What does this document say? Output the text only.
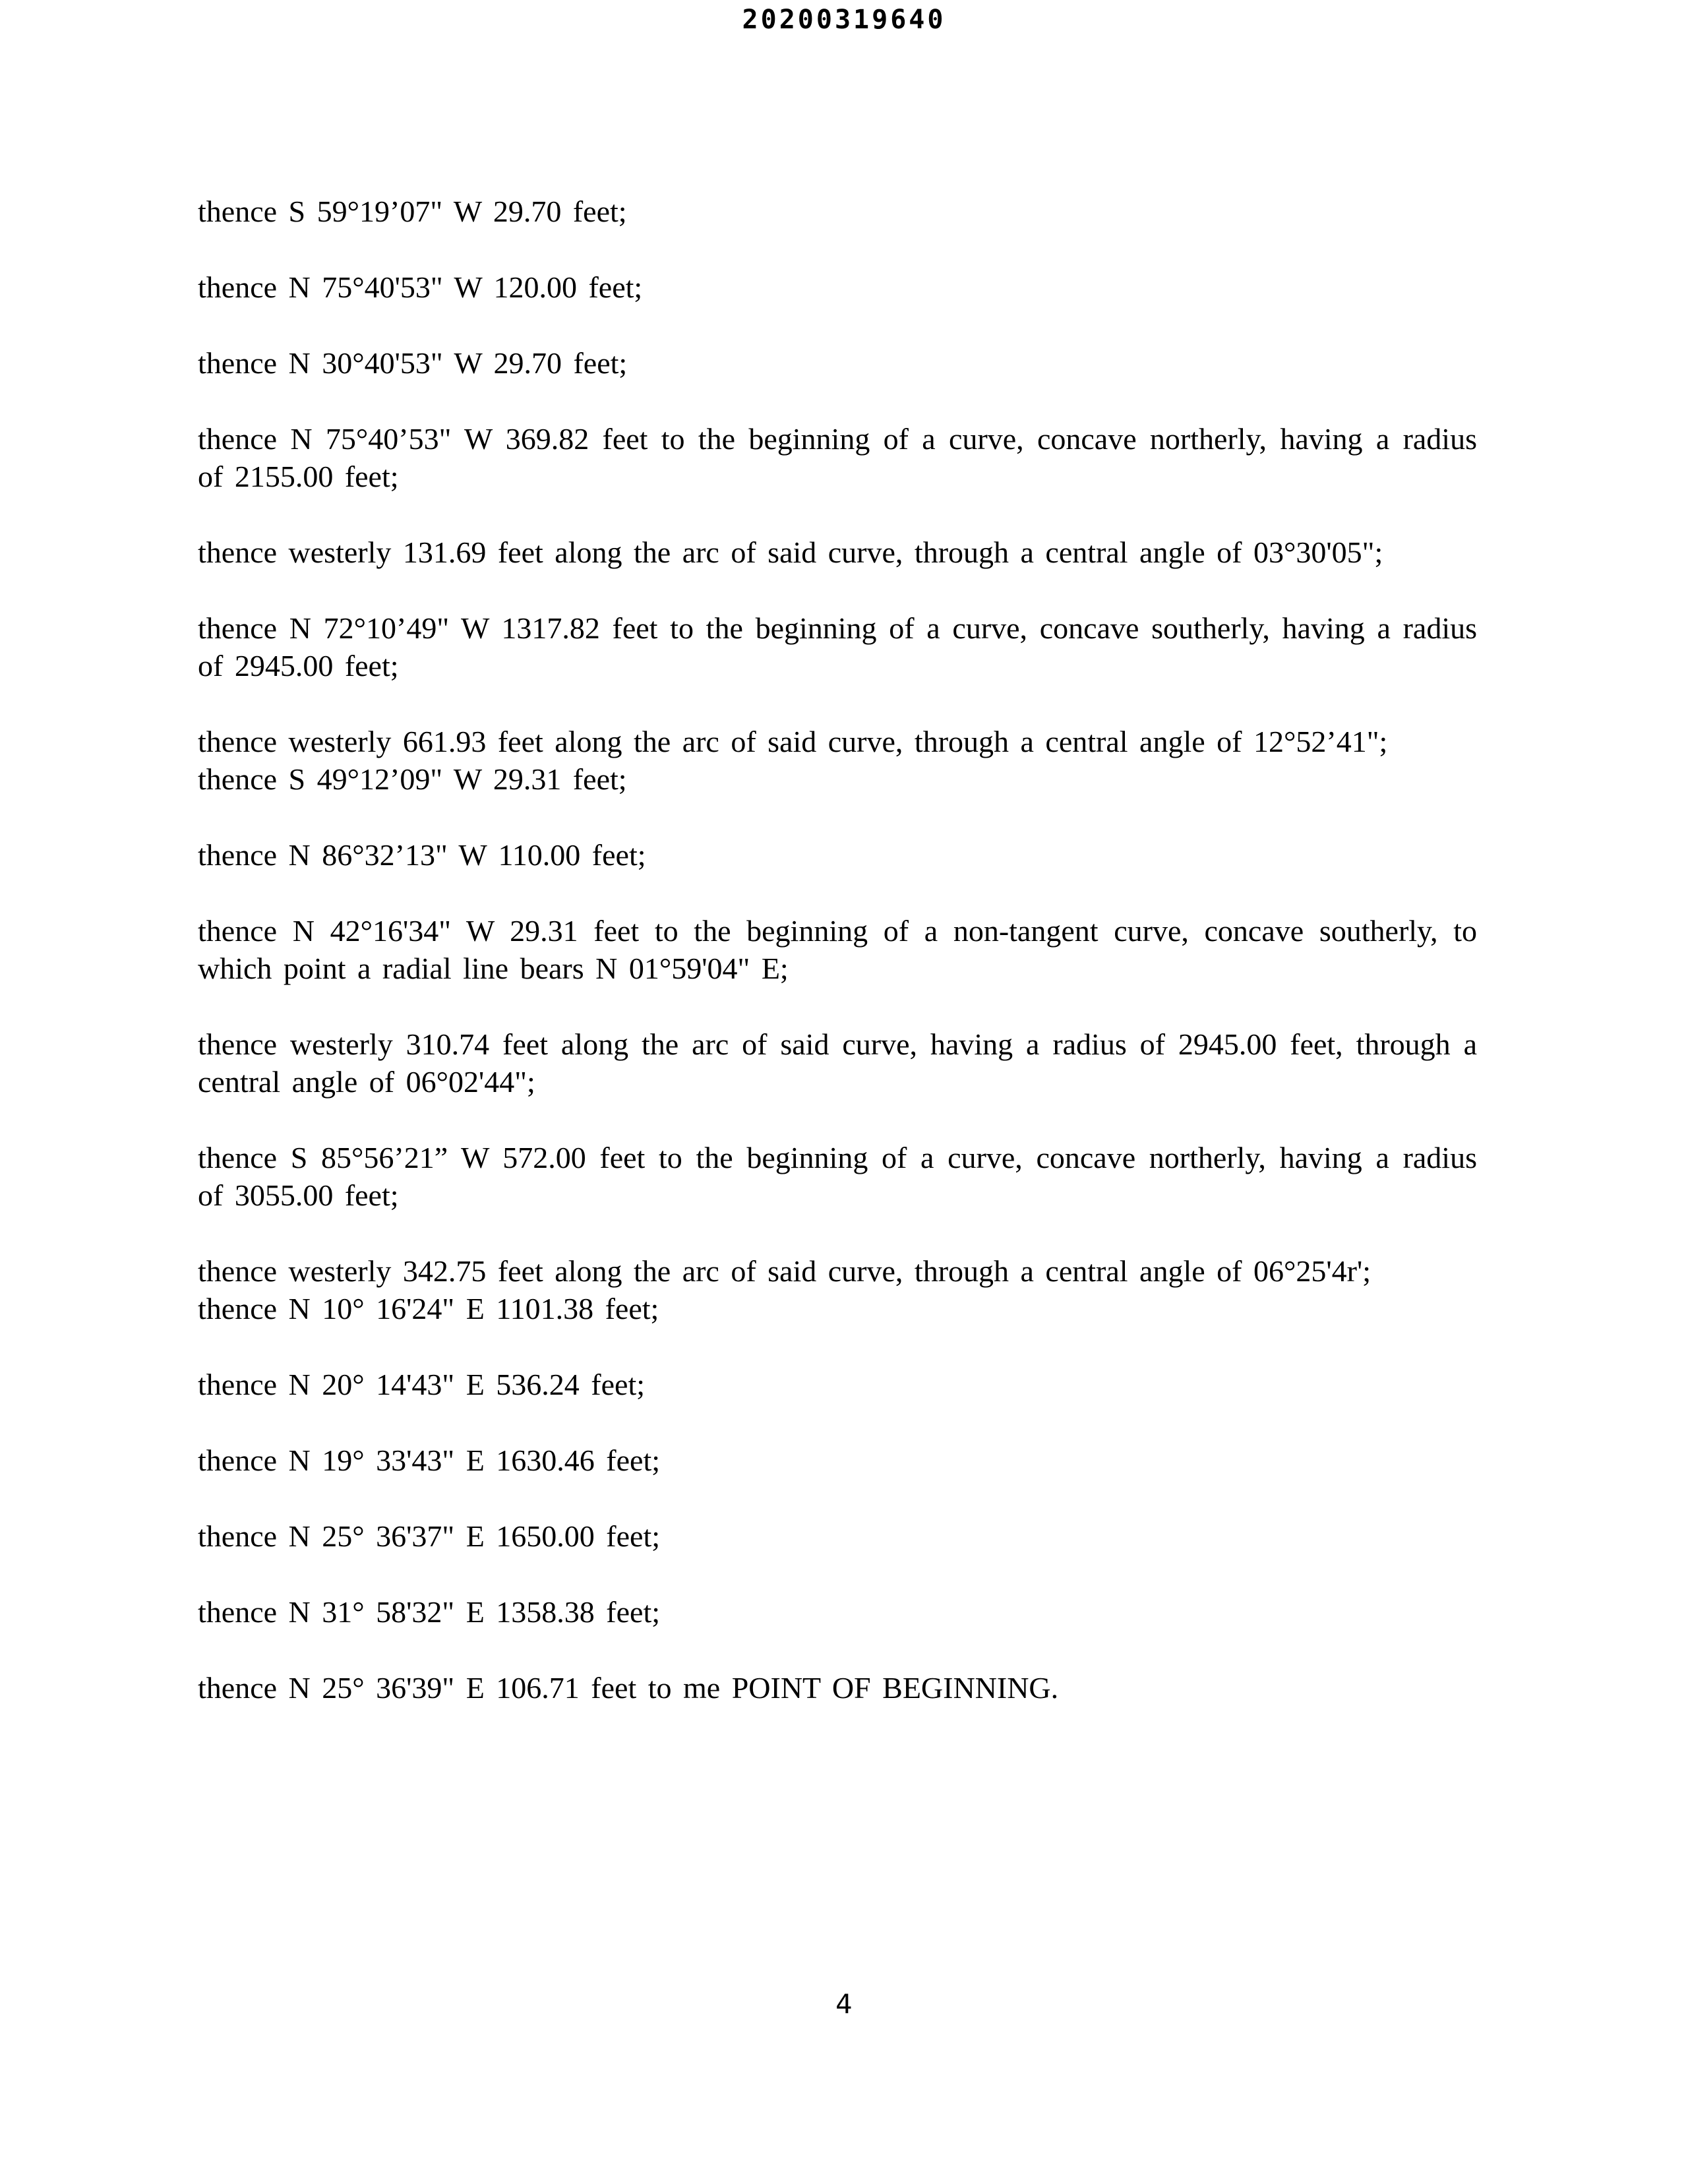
20200319640

thence S 59°19’07" W 29.70 feet;

thence N 75°40'53" W 120.00 feet;

thence N 30°40'53" W 29.70 feet;

thence N 75°40’53" W 369.82 feet to the beginning of a curve, concave northerly, having a radius of 2155.00 feet;

thence westerly 131.69 feet along the arc of said curve, through a central angle of 03°30'05";

thence N 72°10’49" W 1317.82 feet to the beginning of a curve, concave southerly, having a radius of 2945.00 feet;

thence westerly 661.93 feet along the arc of said curve, through a central angle of 12°52’41";
thence S 49°12’09" W 29.31 feet;

thence N 86°32’13" W 110.00 feet;

thence N 42°16'34" W 29.31 feet to the beginning of a non-tangent curve, concave southerly, to which point a radial line bears N 01°59'04" E;

thence westerly 310.74 feet along the arc of said curve, having a radius of 2945.00 feet, through a central angle of 06°02'44";

thence S 85°56’21” W 572.00 feet to the beginning of a curve, concave northerly, having a radius of 3055.00 feet;

thence westerly 342.75 feet along the arc of said curve, through a central angle of 06°25'4r';
thence N 10° 16'24" E 1101.38 feet;

thence N 20° 14'43" E 536.24 feet;

thence N 19° 33'43" E 1630.46 feet;

thence N 25° 36'37" E 1650.00 feet;

thence N 31° 58'32" E 1358.38 feet;

thence N 25° 36'39" E 106.71 feet to me POINT OF BEGINNING.

4
